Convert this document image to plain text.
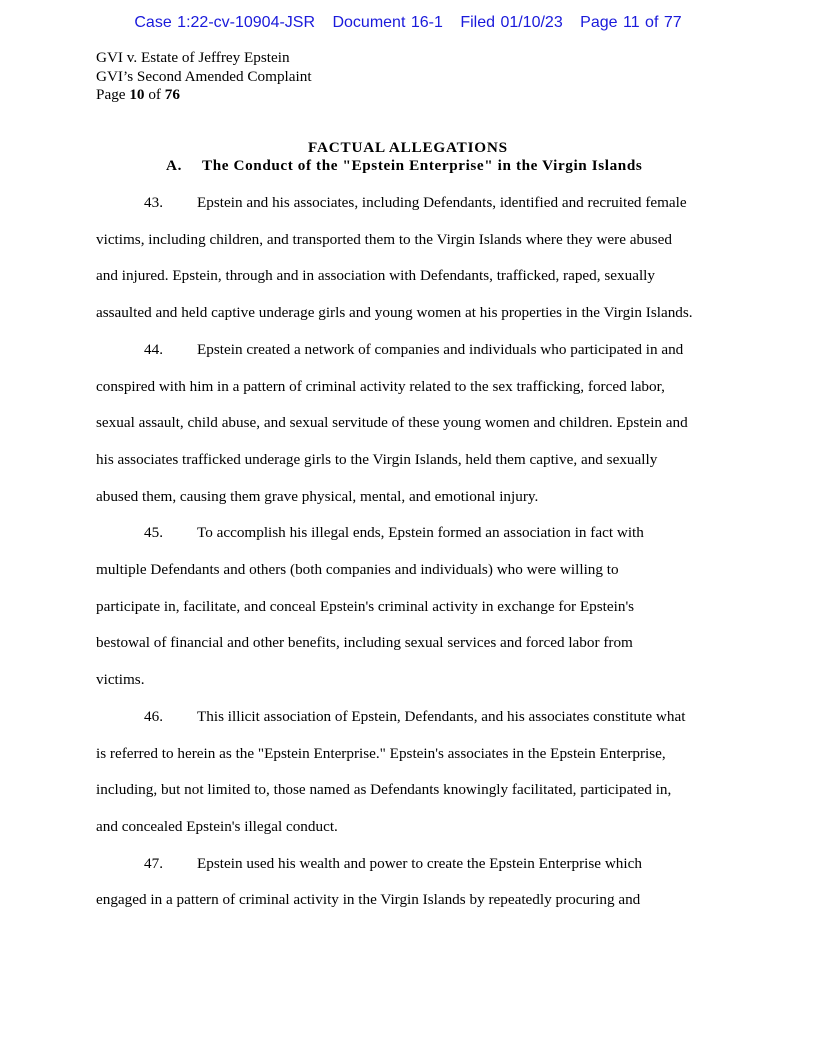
Case 1:22-cv-10904-JSR Document 16-1 Filed 01/10/23 Page 11 of 77
GVI v. Estate of Jeffrey Epstein
GVI’s Second Amended Complaint
Page 10 of 76
FACTUAL ALLEGATIONS
A. The Conduct of the "Epstein Enterprise" in the Virgin Islands
43. Epstein and his associates, including Defendants, identified and recruited female
victims, including children, and transported them to the Virgin Islands where they were abused
and injured. Epstein, through and in association with Defendants, trafficked, raped, sexually
assaulted and held captive underage girls and young women at his properties in the Virgin Islands.
44. Epstein created a network of companies and individuals who participated in and
conspired with him in a pattern of criminal activity related to the sex trafficking, forced labor,
sexual assault, child abuse, and sexual servitude of these young women and children. Epstein and
his associates trafficked underage girls to the Virgin Islands, held them captive, and sexually
abused them, causing them grave physical, mental, and emotional injury.
45. To accomplish his illegal ends, Epstein formed an association in fact with
multiple Defendants and others (both companies and individuals) who were willing to
participate in, facilitate, and conceal Epstein's criminal activity in exchange for Epstein's
bestowal of financial and other benefits, including sexual services and forced labor from
victims.
46. This illicit association of Epstein, Defendants, and his associates constitute what
is referred to herein as the "Epstein Enterprise." Epstein's associates in the Epstein Enterprise,
including, but not limited to, those named as Defendants knowingly facilitated, participated in,
and concealed Epstein's illegal conduct.
47. Epstein used his wealth and power to create the Epstein Enterprise which
engaged in a pattern of criminal activity in the Virgin Islands by repeatedly procuring and
